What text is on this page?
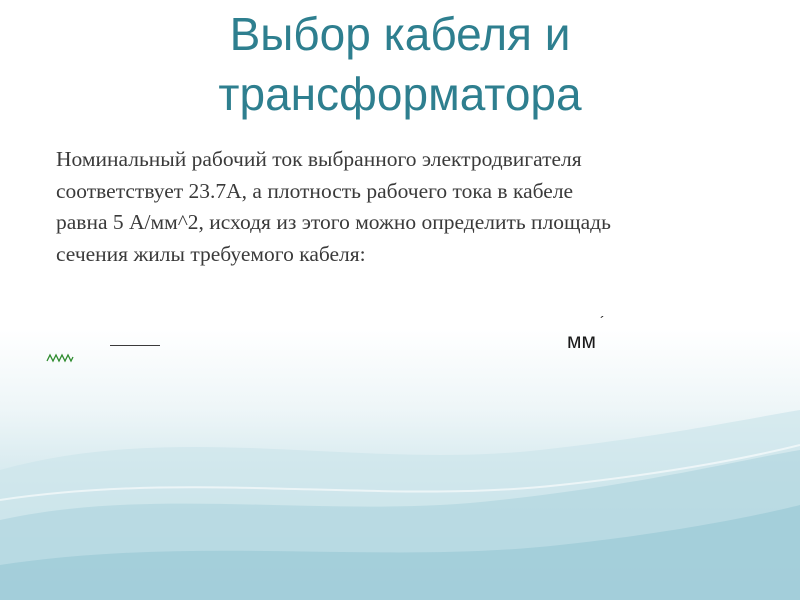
Выбор кабеля и
трансформатора

Номинальный рабочий ток выбранного электродвигателя

соответствует 23.7А, а плотность рабочего тока в кабеле

равна 5 А/мм^2, исходя из этого можно определить площадь

сечения жилы требуемого кабеля:

мм
´
